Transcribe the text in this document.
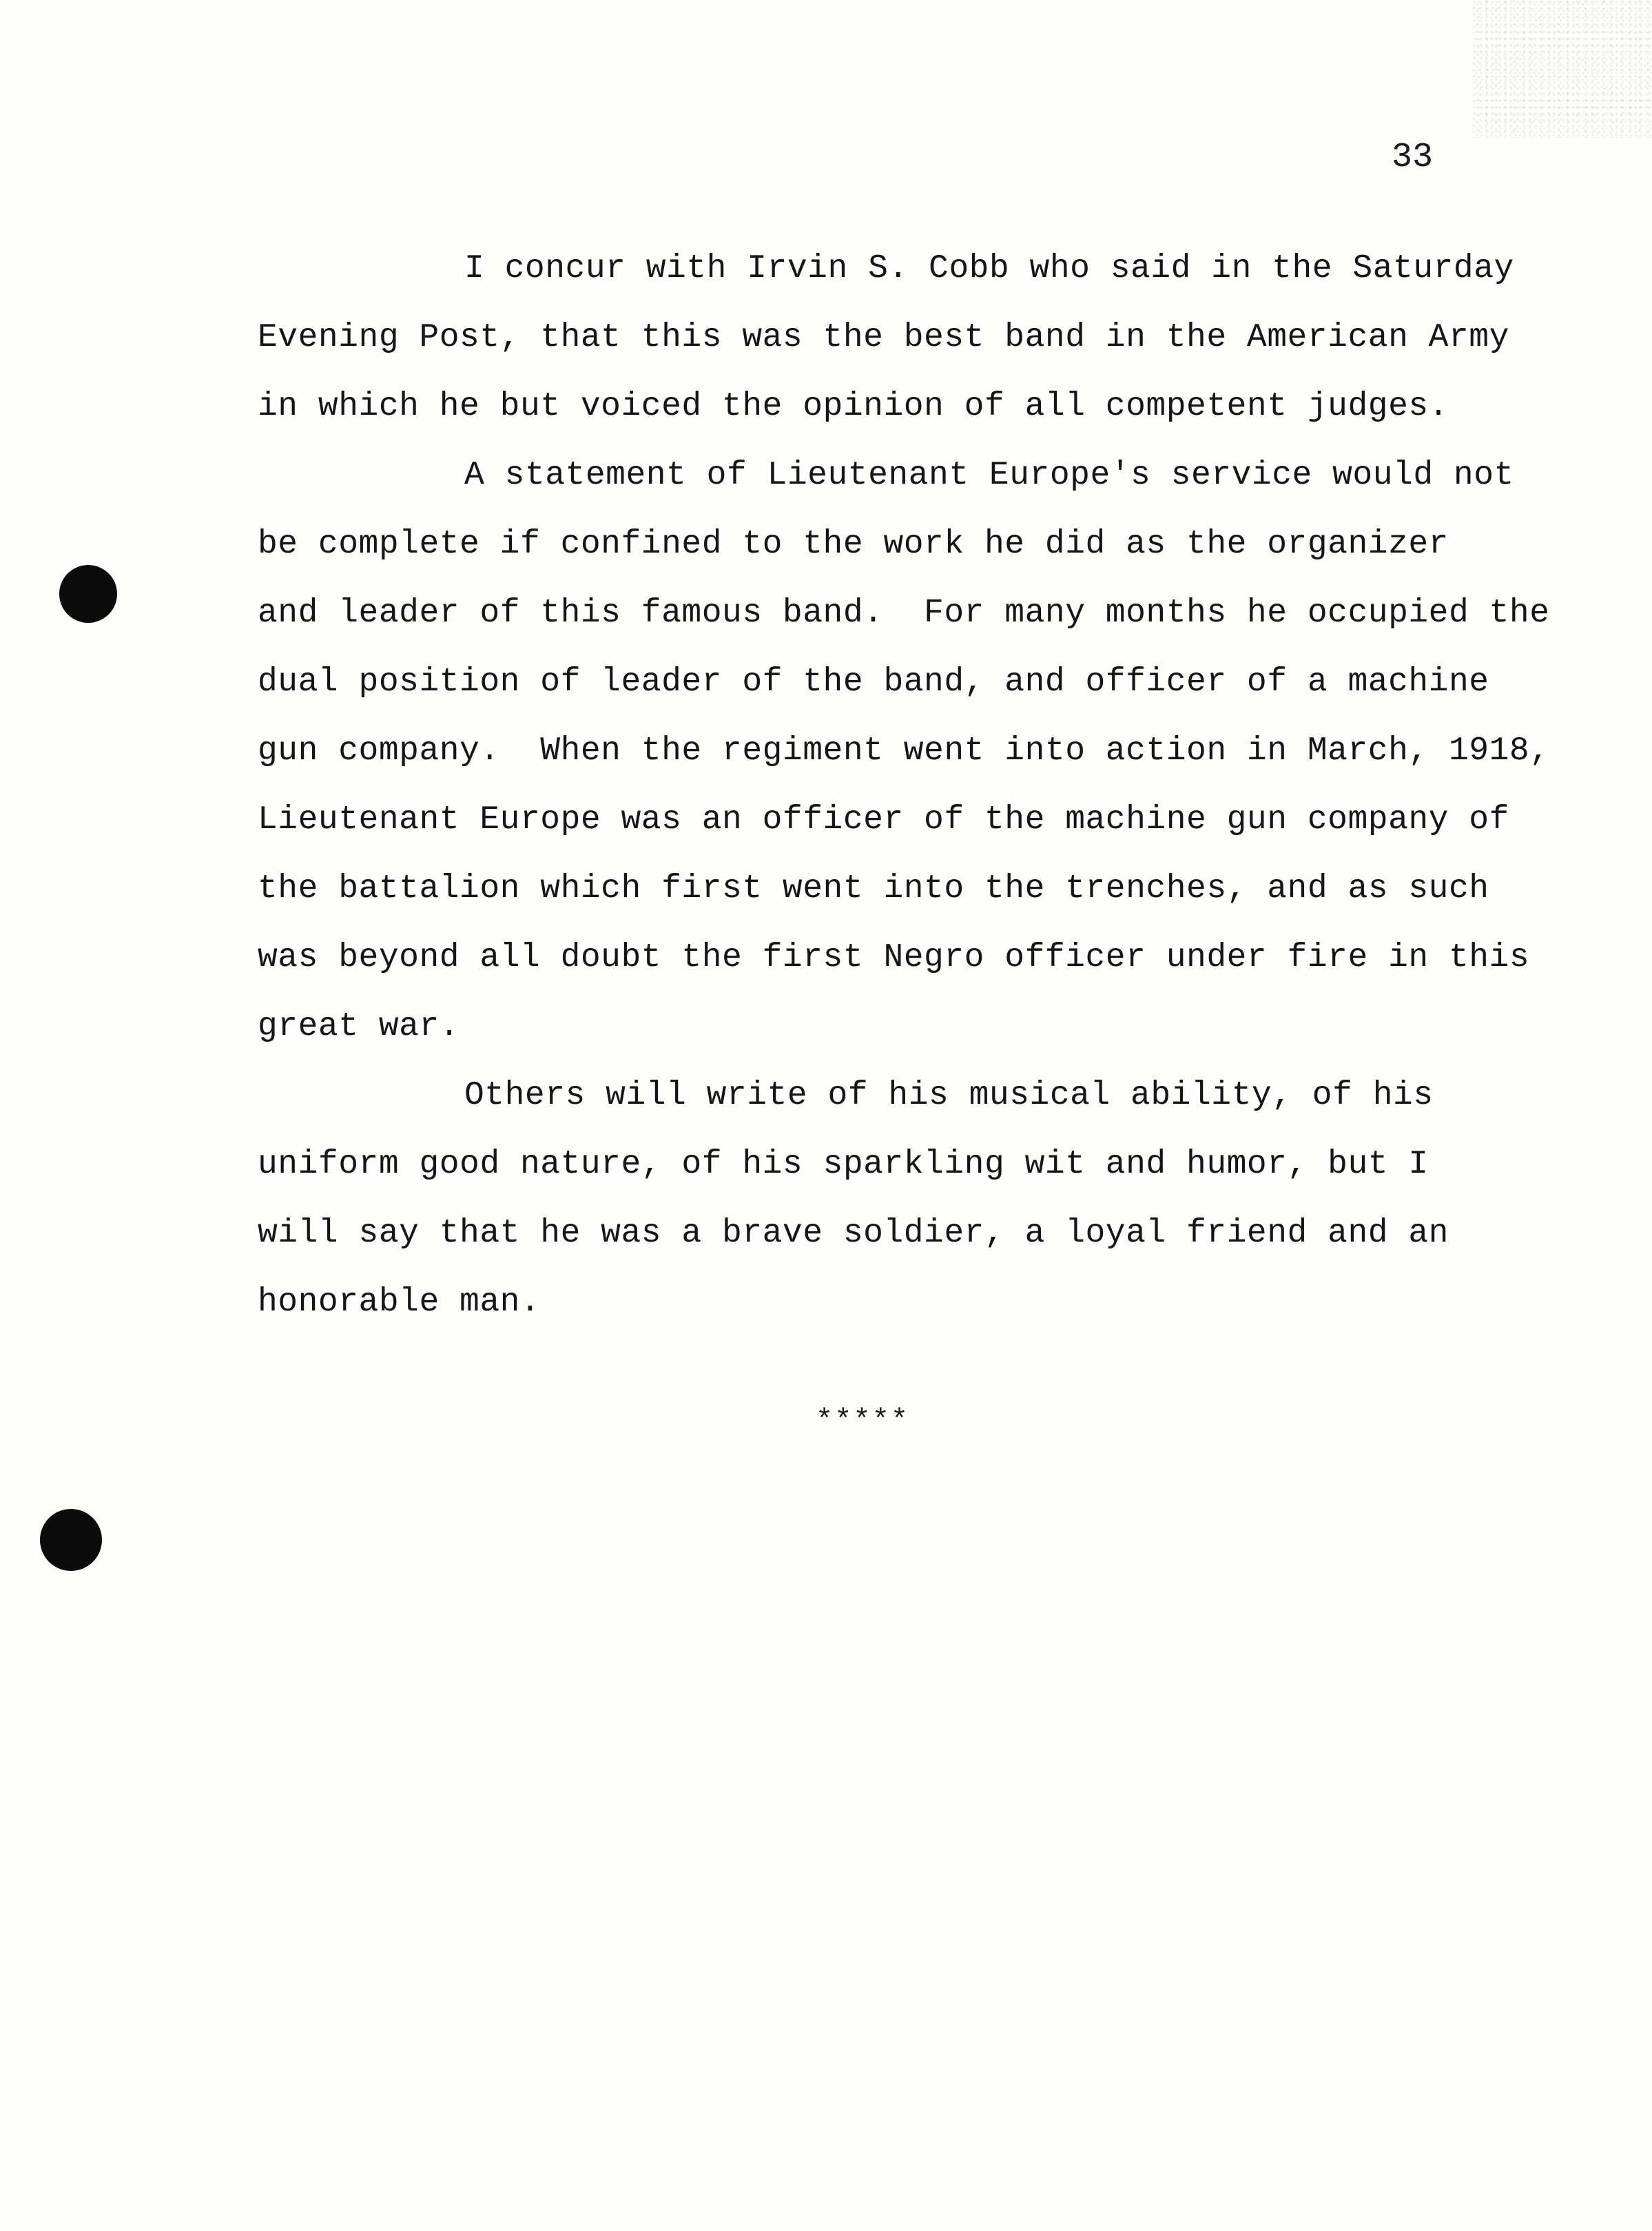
33

I concur with Irvin S. Cobb who said in the Saturday
Evening Post, that this was the best band in the American Army
in which he but voiced the opinion of all competent judges.

A statement of Lieutenant Europe's service would not
be complete if confined to the work he did as the organizer
and leader of this famous band.  For many months he occupied the
dual position of leader of the band, and officer of a machine
gun company.  When the regiment went into action in March, 1918,
Lieutenant Europe was an officer of the machine gun company of
the battalion which first went into the trenches, and as such
was beyond all doubt the first Negro officer under fire in this
great war.

Others will write of his musical ability, of his
uniform good nature, of his sparkling wit and humor, but I
will say that he was a brave soldier, a loyal friend and an
honorable man.

*****
